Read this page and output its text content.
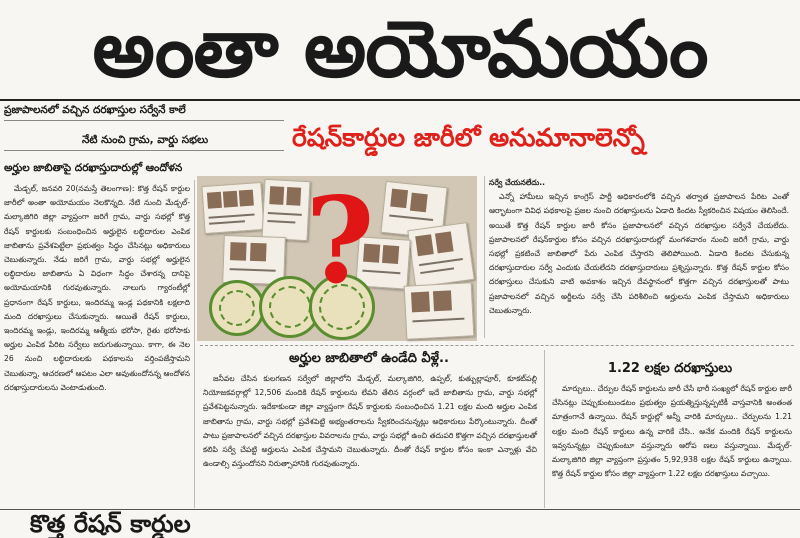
అంతా అయోమయం
ప్రజాపాలనలో వచ్చిన దరఖాస్తుల సర్వేనే కాలే
నేటి నుంచి గ్రామ, వార్డు సభలు
అర్హుల జాబితాపై దరఖాస్తుదారుల్లో ఆందోళన
రేషన్‌కార్డుల జారీలో అనుమానాలెన్నో

మేడ్చల్, జనవరి 20(నమస్తే తెలంగాణ): కొత్త రేషన్ కార్డుల జారీలో అంతా అయోమయం నెలకొన్నది. నేటి నుంచి మేడ్చల్-మల్కాజిగిరి జిల్లా వ్యాప్తంగా జరిగే గ్రామ, వార్డు సభల్లో కొత్త రేషన్ కార్డులకు సంబంధించిన అర్హులైన లబ్ధిదారుల ఎంపిక జాబితాను ప్రవేశపెట్టేలా ప్రభుత్వం సిద్ధం చేసినట్లు అధికారులు చెబుతున్నారు. నేడు జరిగే గ్రామ, వార్డు సభల్లో అర్హులైన లబ్ధిదారుల జాబితాను ఏ విధంగా సిద్ధం చేశారన్న దానిపై అయోమయానికి గురవుతున్నారు. నాలుగు గ్యారంటీల్లో ప్రధానంగా రేషన్ కార్డులు, ఇందిరమ్మ ఇండ్ల పథకానికి లక్షలాది మంది దరఖాస్తులు చేసుకున్నారు. ఆయితే రేషన్ కార్డులు, ఇందిరమ్మ ఇండ్లు, ఇందిరమ్మ ఆత్మీయ భరోసా, రైతు భరోసాకు అర్హుల ఎంపిక పేరిట సర్వేలు జరుగుతున్నాయి. కాగా, ఈ నెల 26 నుంచి లబ్ధిదారులకు పథకాలను వర్తింపజేస్తామని చెబుతున్నా, ఆచరణలో ఆపటం ఎలా అవుతుందోనన్న ఆందోళన దరఖాస్తుదారులను వెంటాడుతుంది.

?	సర్వే చేయనలేదు..

ఎన్నో హామీలు ఇచ్చిన కాంగ్రెస్ పార్టీ అధికారంలోకి వచ్చిన తర్వాత ప్రజాపాలన పేరిట ఎంతో ఆర్భాటంగా వివిధ పథకాలపై ప్రజల నుంచి దరఖాస్తులను ఏడాది కిందట స్వీకరించిన విషయం తెలిసిందే. అయితే కొత్త రేషన్ కార్డుల జారీ కోసం ప్రజాపాలనలో వచ్చిన దరఖాస్తుల సర్వేనే చేయలేదు. ప్రజాపాలనలో రేషన్‌కార్డుల కోసం వచ్చిన దరఖాస్తుదారుల్లో మంగళవారం నుంచి జరిగే గ్రామ, వార్డు సభల్లో ప్రకటించే జాబితాలో పేరు ఎంపిక చేస్తారని తెలిపోయింది. ఏడాది కిందట చేసుకున్న దరఖాస్తుదారుల సర్వే ఎందుకు చేయలేదని దరఖాస్తుదారులు ప్రశ్నిస్తున్నారు. కొత్త రేషన్ కార్డుల కోసం దరఖాస్తులు చేసుకుని వాటి అవకాశం ఇచ్చిన దేవస్థానంలో కొత్తగా వచ్చిన దరఖాస్తులతో పాటు ప్రజాపాలనలో వచ్చిన అర్జీలను సర్వే చేసి పరిశీలించి అర్హులను ఎంపిక చేస్తామని అధికారులు చెబుతున్నారు.

అర్హుల జాబితాలో ఉండేది వీళ్లే..

జనీవల చేసిన కులగణన సర్వేలో జిల్లాలోని మేడ్చల్, మల్కాజిగిరి, ఉప్పల్, కుత్బుల్లాపూర్, కూకట్‌పల్లి నియోజకవర్గాల్లో 12,506 మందికి రేషన్ కార్డులను లేవని తేలిన వర్గంలో ఇదే జాబితాను గ్రామ, వార్డు సభల్లో ప్రవేశపెట్టనున్నారు. ఇదేకాకుండా జిల్లా వ్యాప్తంగా రేషన్ కార్డులకు సంబంధించిన 1.21 లక్షల మంది అర్హుల ఎంపిక జాబితాను గ్రామ, వార్డు సభల్లో ప్రవేశపెట్టి అభ్యంతరాలను స్వీకరించనున్నట్లు అధికారులు పేర్కొంటున్నారు. దీంతో పాటు ప్రజాపాలనలో వచ్చిన దరఖాస్తుల వివరాలను గ్రామ, వార్డు సభల్లో ఉంచి తదుపరి కొత్తగా వచ్చిన దరఖాస్తులతో కలిపి సర్వే చేపట్టి అర్హులను ఎంపిక చేస్తామని చెబుతున్నారు. దీంతో రేషన్ కార్డుల కోసం ఇంకా ఎన్నాళ్లు వేచి ఉండాల్సి వస్తుందోనని నిరుత్సాహానికి గురవుతున్నారు.

1.22 లక్షల దరఖాస్తులు

మార్చులు.. చేర్పుల రేషన్ కార్డులను జారీ చేసే భారీ సంఖ్యలో రేషన్ కార్డుల జారీ చేసినట్లు చెప్పుకుంటుండటం ప్రభుత్వం ప్రయత్నిస్తున్నప్పటికీ వాస్తవానికి అంతంత మాత్రంగానే ఉన్నాయి. రేషన్ కార్డుల్లో అన్నీ వారికి మార్చులు.. చేర్పులను 1.21 లక్షల మంది రేషన్ కార్డులు ఉన్న వారికే చేసి.. అనేక మందికి రేషన్ కార్డులను ఇవ్వనున్నట్లు చెప్పుకుంటూ వస్తున్నారు ఆరోప ణలు వస్తున్నాయి. మేడ్చల్-మల్కాజిగిరి జిల్లా వ్యాప్తంగా ప్రస్తుతం 5,92,938 లక్షల రేషన్ కార్డులు ఉన్నాయి. కొత్త రేషన్ కార్డుల కోసం జిల్లా వ్యాప్తంగా 1.22 లక్షల దరఖాస్తులు వచ్చాయి.

కొత్త రేషన్ కార్డుల
